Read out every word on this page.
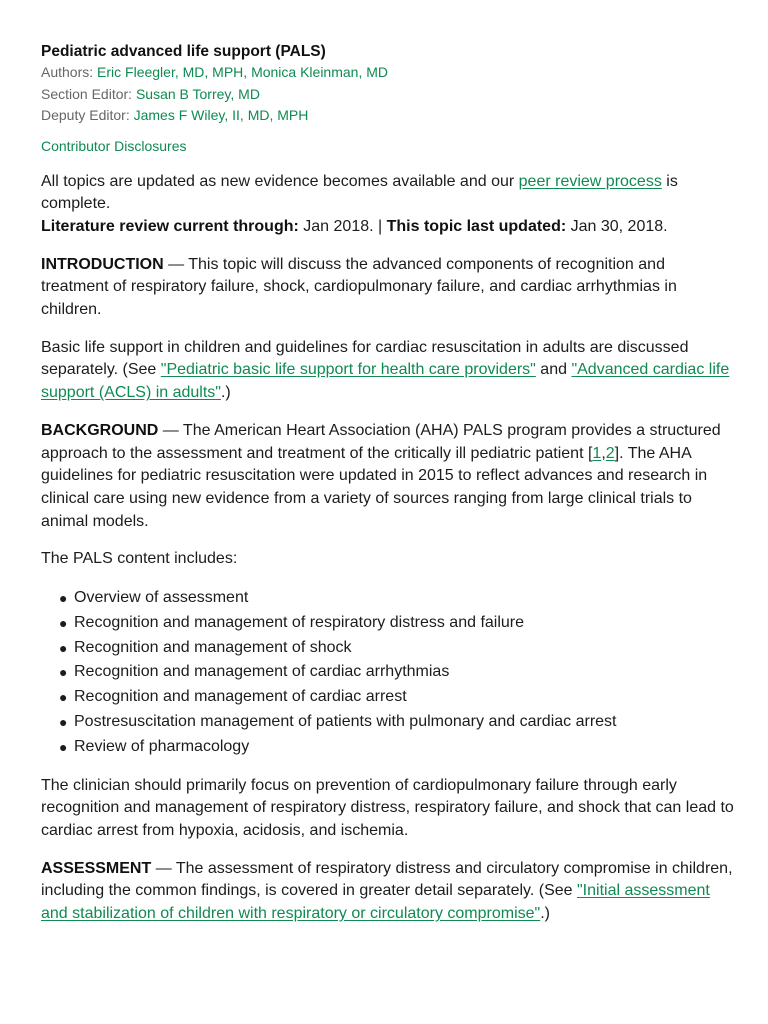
Pediatric advanced life support (PALS)
Authors: Eric Fleegler, MD, MPH, Monica Kleinman, MD
Section Editor: Susan B Torrey, MD
Deputy Editor: James F Wiley, II, MD, MPH
Contributor Disclosures

All topics are updated as new evidence becomes available and our peer review process is complete.
Literature review current through: Jan 2018. | This topic last updated: Jan 30, 2018.

INTRODUCTION — This topic will discuss the advanced components of recognition and treatment of respiratory failure, shock, cardiopulmonary failure, and cardiac arrhythmias in children.

Basic life support in children and guidelines for cardiac resuscitation in adults are discussed separately. (See "Pediatric basic life support for health care providers" and "Advanced cardiac life support (ACLS) in adults".)

BACKGROUND — The American Heart Association (AHA) PALS program provides a structured approach to the assessment and treatment of the critically ill pediatric patient [1,2]. The AHA guidelines for pediatric resuscitation were updated in 2015 to reflect advances and research in clinical care using new evidence from a variety of sources ranging from large clinical trials to animal models.

The PALS content includes:

● Overview of assessment
● Recognition and management of respiratory distress and failure
● Recognition and management of shock
● Recognition and management of cardiac arrhythmias
● Recognition and management of cardiac arrest
● Postresuscitation management of patients with pulmonary and cardiac arrest
● Review of pharmacology

The clinician should primarily focus on prevention of cardiopulmonary failure through early recognition and management of respiratory distress, respiratory failure, and shock that can lead to cardiac arrest from hypoxia, acidosis, and ischemia.

ASSESSMENT — The assessment of respiratory distress and circulatory compromise in children, including the common findings, is covered in greater detail separately. (See "Initial assessment and stabilization of children with respiratory or circulatory compromise".)
